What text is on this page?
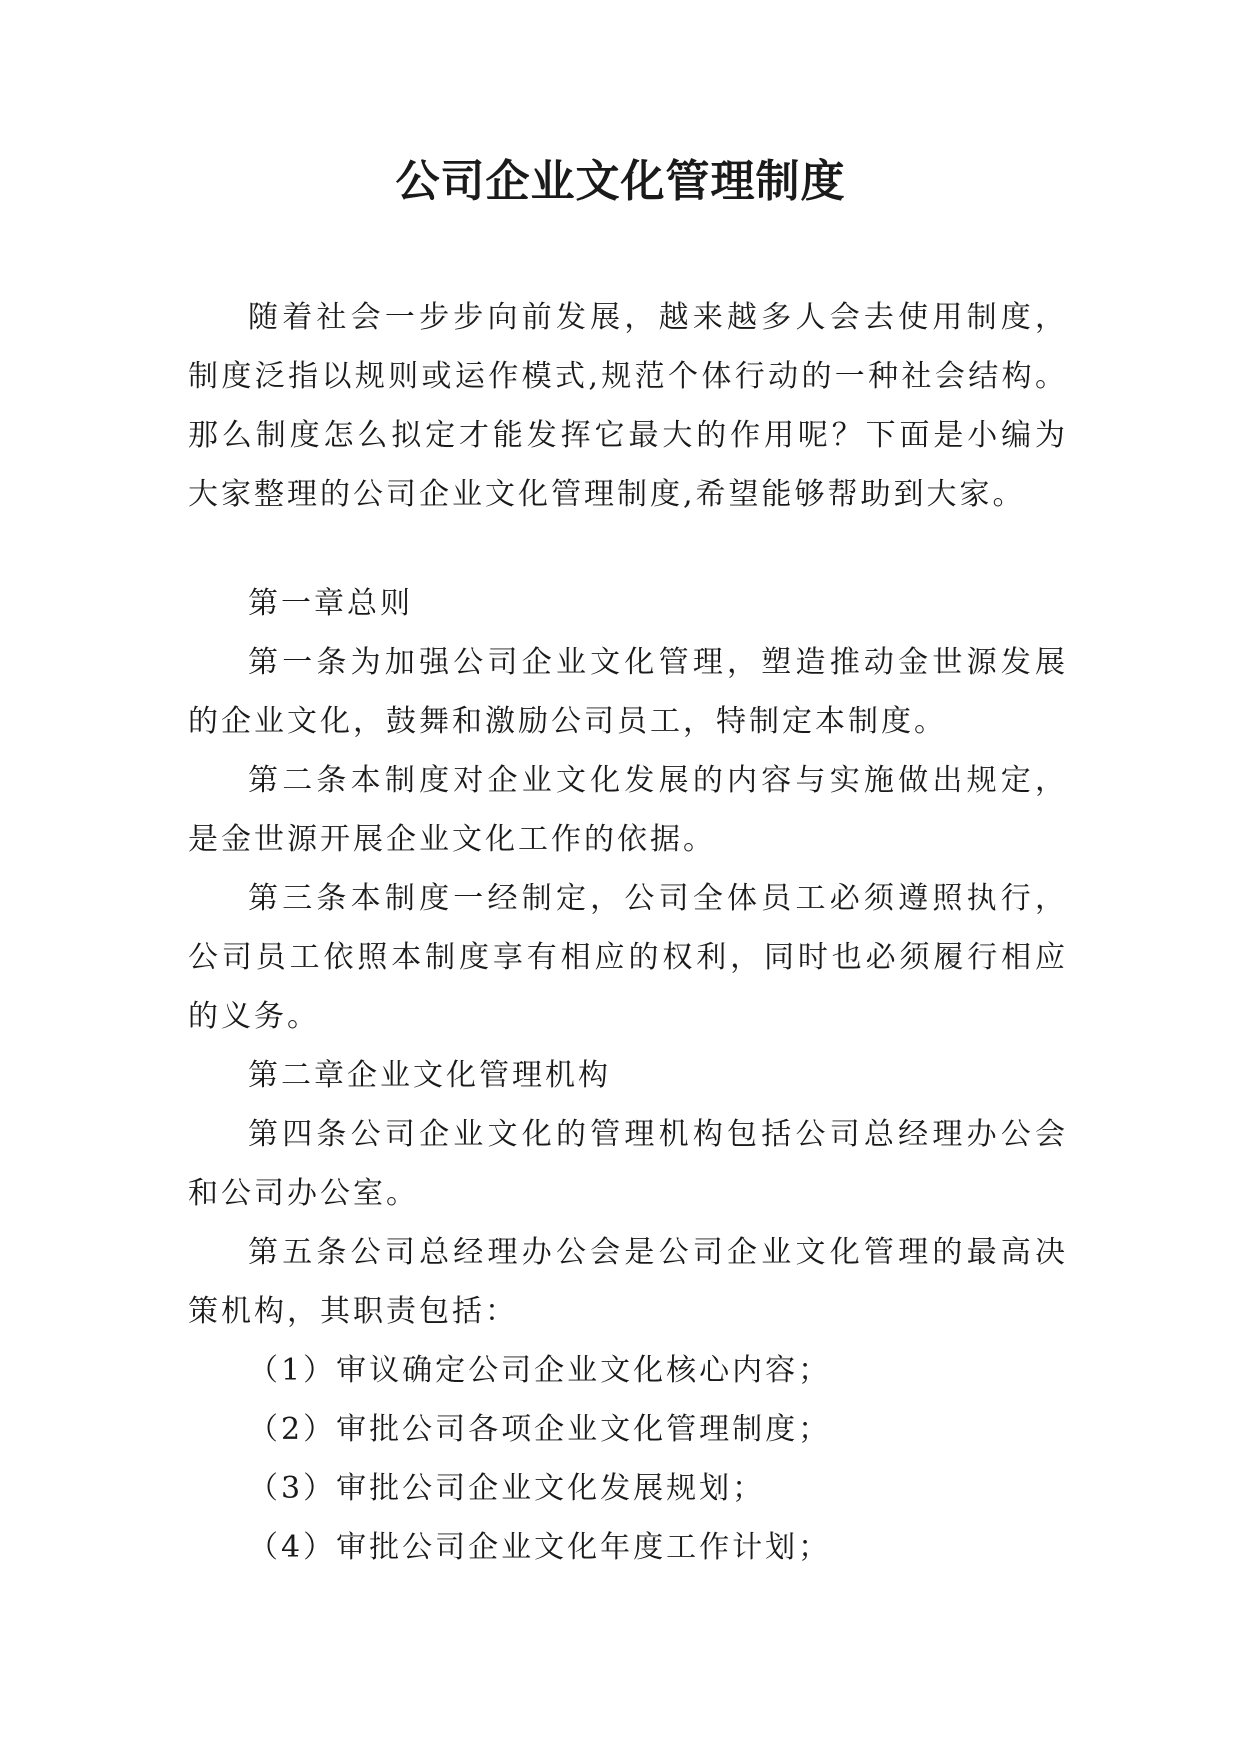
公司企业文化管理制度

随着社会一步步向前发展，越来越多人会去使用制度，制度泛指以规则或运作模式,规范个体行动的一种社会结构。那么制度怎么拟定才能发挥它最大的作用呢？下面是小编为大家整理的公司企业文化管理制度,希望能够帮助到大家。

第一章总则

第一条为加强公司企业文化管理，塑造推动金世源发展的企业文化，鼓舞和激励公司员工，特制定本制度。

第二条本制度对企业文化发展的内容与实施做出规定，是金世源开展企业文化工作的依据。

第三条本制度一经制定，公司全体员工必须遵照执行，公司员工依照本制度享有相应的权利，同时也必须履行相应的义务。

第二章企业文化管理机构

第四条公司企业文化的管理机构包括公司总经理办公会和公司办公室。

第五条公司总经理办公会是公司企业文化管理的最高决策机构，其职责包括：

（1）审议确定公司企业文化核心内容；

（2）审批公司各项企业文化管理制度；

（3）审批公司企业文化发展规划；

（4）审批公司企业文化年度工作计划；
